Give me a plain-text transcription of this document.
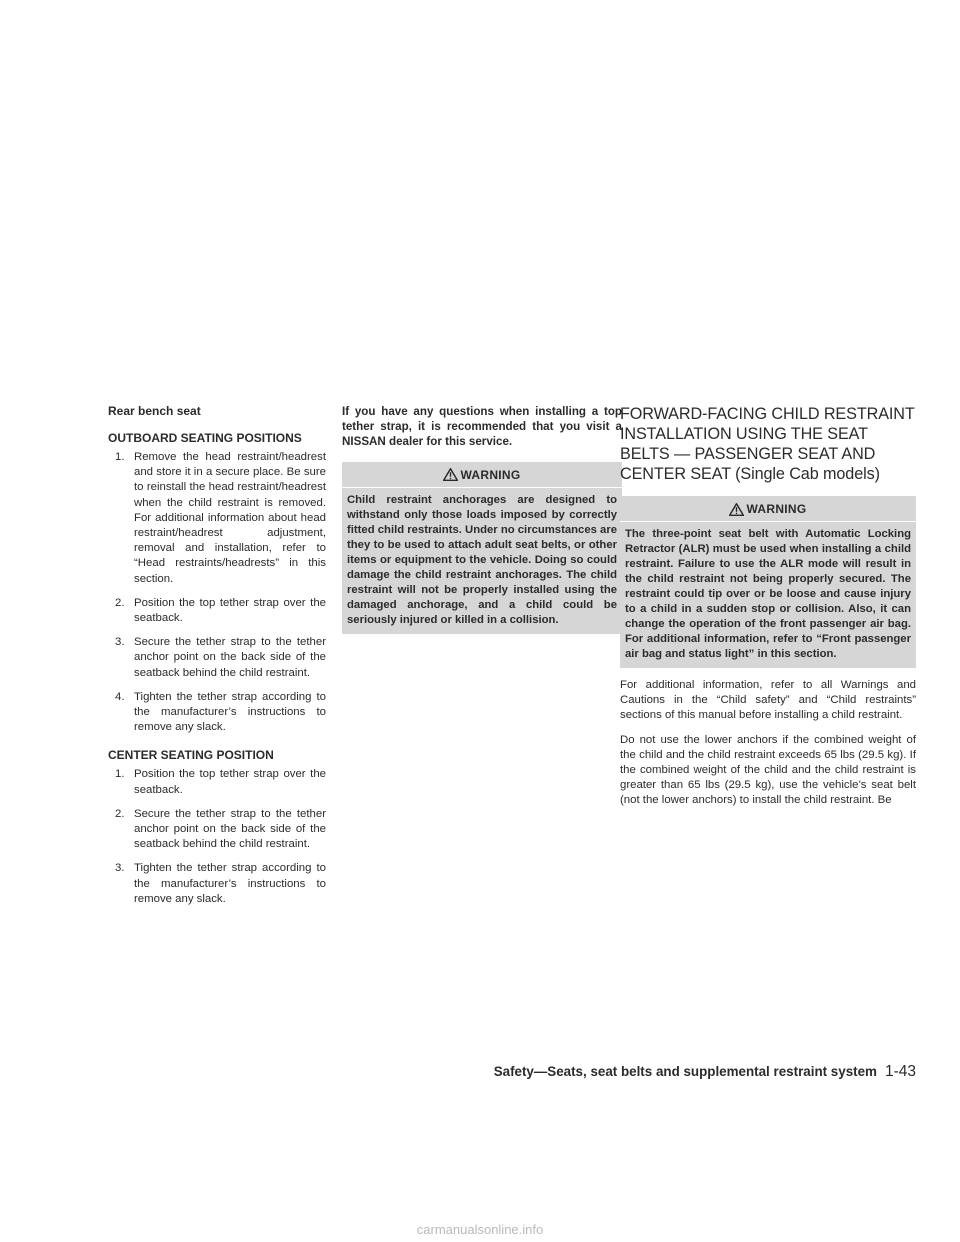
Rear bench seat

OUTBOARD SEATING POSITIONS

1. Remove the head restraint/headrest and store it in a secure place. Be sure to reinstall the head restraint/headrest when the child restraint is removed. For additional information about head restraint/headrest adjustment, removal and installation, refer to “Head restraints/headrests” in this section.
2. Position the top tether strap over the seatback.
3. Secure the tether strap to the tether anchor point on the back side of the seatback behind the child restraint.
4. Tighten the tether strap according to the manufacturer’s instructions to remove any slack.

CENTER SEATING POSITION

1. Position the top tether strap over the seatback.
2. Secure the tether strap to the tether anchor point on the back side of the seatback behind the child restraint.
3. Tighten the tether strap according to the manufacturer’s instructions to remove any slack.

If you have any questions when installing a top tether strap, it is recommended that you visit a NISSAN dealer for this service.

WARNING

Child restraint anchorages are designed to withstand only those loads imposed by correctly fitted child restraints. Under no circumstances are they to be used to attach adult seat belts, or other items or equipment to the vehicle. Doing so could damage the child restraint anchorages. The child restraint will not be properly installed using the damaged anchorage, and a child could be seriously injured or killed in a collision.

FORWARD-FACING CHILD RESTRAINT INSTALLATION USING THE SEAT BELTS — PASSENGER SEAT AND CENTER SEAT (Single Cab models)
WARNING

The three-point seat belt with Automatic Locking Retractor (ALR) must be used when installing a child restraint. Failure to use the ALR mode will result in the child restraint not being properly secured. The restraint could tip over or be loose and cause injury to a child in a sudden stop or collision. Also, it can change the operation of the front passenger air bag. For additional information, refer to “Front passenger air bag and status light” in this section.

For additional information, refer to all Warnings and Cautions in the “Child safety” and “Child restraints” sections of this manual before installing a child restraint.

Do not use the lower anchors if the combined weight of the child and the child restraint exceeds 65 lbs (29.5 kg). If the combined weight of the child and the child restraint is greater than 65 lbs (29.5 kg), use the vehicle’s seat belt (not the lower anchors) to install the child restraint. Be

Safety—Seats, seat belts and supplemental restraint system 1-43
carmanualsonline.info
